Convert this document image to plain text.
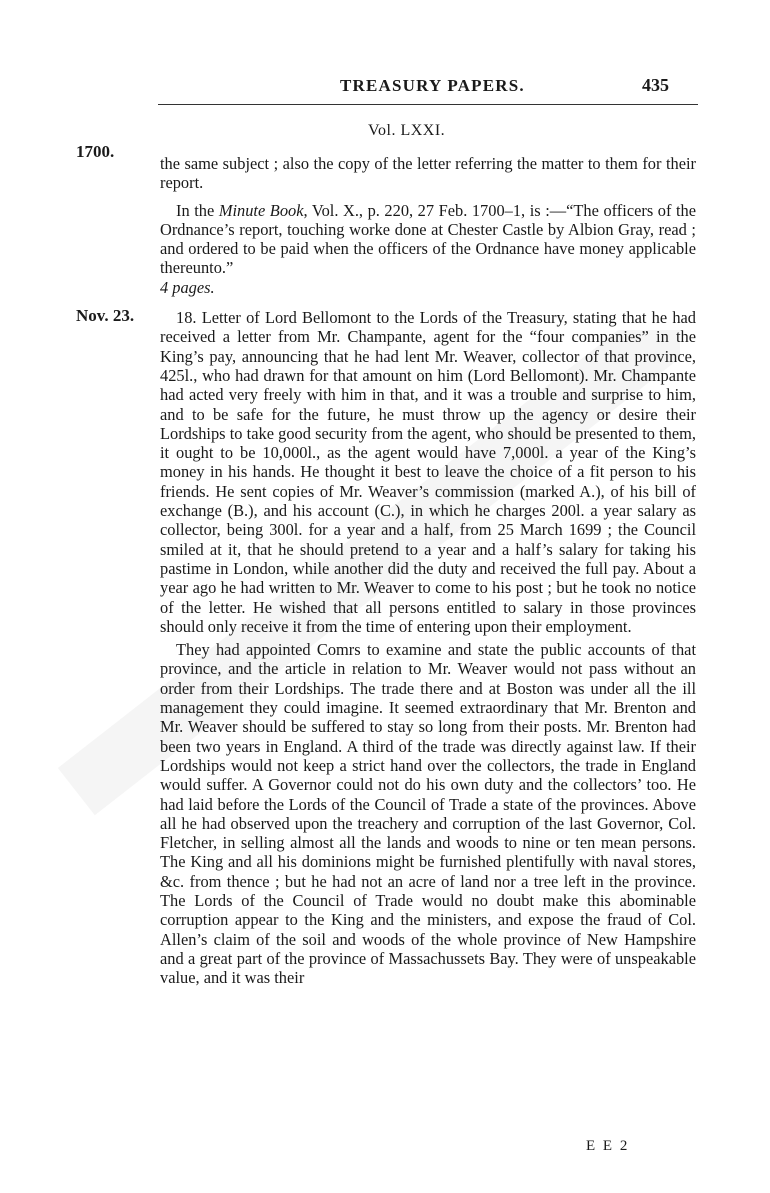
TREASURY PAPERS.	435
Vol. LXXI.
1700.
Nov. 23.

the same subject ; also the copy of the letter referring the matter to them for their report.

In the Minute Book, Vol. X., p. 220, 27 Feb. 1700–1, is :—“The officers of the Ordnance’s report, touching worke done at Chester Castle by Albion Gray, read ; and ordered to be paid when the officers of the Ordnance have money applicable thereunto.”

4 pages.

18. Letter of Lord Bellomont to the Lords of the Treasury, stating that he had received a letter from Mr. Champante, agent for the “four companies” in the King’s pay, announcing that he had lent Mr. Weaver, collector of that province, 425l., who had drawn for that amount on him (Lord Bellomont). Mr. Champante had acted very freely with him in that, and it was a trouble and surprise to him, and to be safe for the future, he must throw up the agency or desire their Lordships to take good security from the agent, who should be presented to them, it ought to be 10,000l., as the agent would have 7,000l. a year of the King’s money in his hands. He thought it best to leave the choice of a fit person to his friends. He sent copies of Mr. Weaver’s commission (marked A.), of his bill of exchange (B.), and his account (C.), in which he charges 200l. a year salary as collector, being 300l. for a year and a half, from 25 March 1699 ; the Council smiled at it, that he should pretend to a year and a half’s salary for taking his pastime in London, while another did the duty and received the full pay. About a year ago he had written to Mr. Weaver to come to his post ; but he took no notice of the letter. He wished that all persons entitled to salary in those provinces should only receive it from the time of entering upon their employment.

They had appointed Comrs to examine and state the public accounts of that province, and the article in relation to Mr. Weaver would not pass without an order from their Lordships. The trade there and at Boston was under all the ill management they could imagine. It seemed extraordinary that Mr. Brenton and Mr. Weaver should be suffered to stay so long from their posts. Mr. Brenton had been two years in England. A third of the trade was directly against law. If their Lordships would not keep a strict hand over the collectors, the trade in England would suffer. A Governor could not do his own duty and the collectors’ too. He had laid before the Lords of the Council of Trade a state of the provinces. Above all he had observed upon the treachery and corruption of the last Governor, Col. Fletcher, in selling almost all the lands and woods to nine or ten mean persons. The King and all his dominions might be furnished plentifully with naval stores, &c. from thence ; but he had not an acre of land nor a tree left in the province. The Lords of the Council of Trade would no doubt make this abominable corruption appear to the King and the ministers, and expose the fraud of Col. Allen’s claim of the soil and woods of the whole province of New Hampshire and a great part of the province of Massachussets Bay. They were of unspeakable value, and it was their

E E 2
